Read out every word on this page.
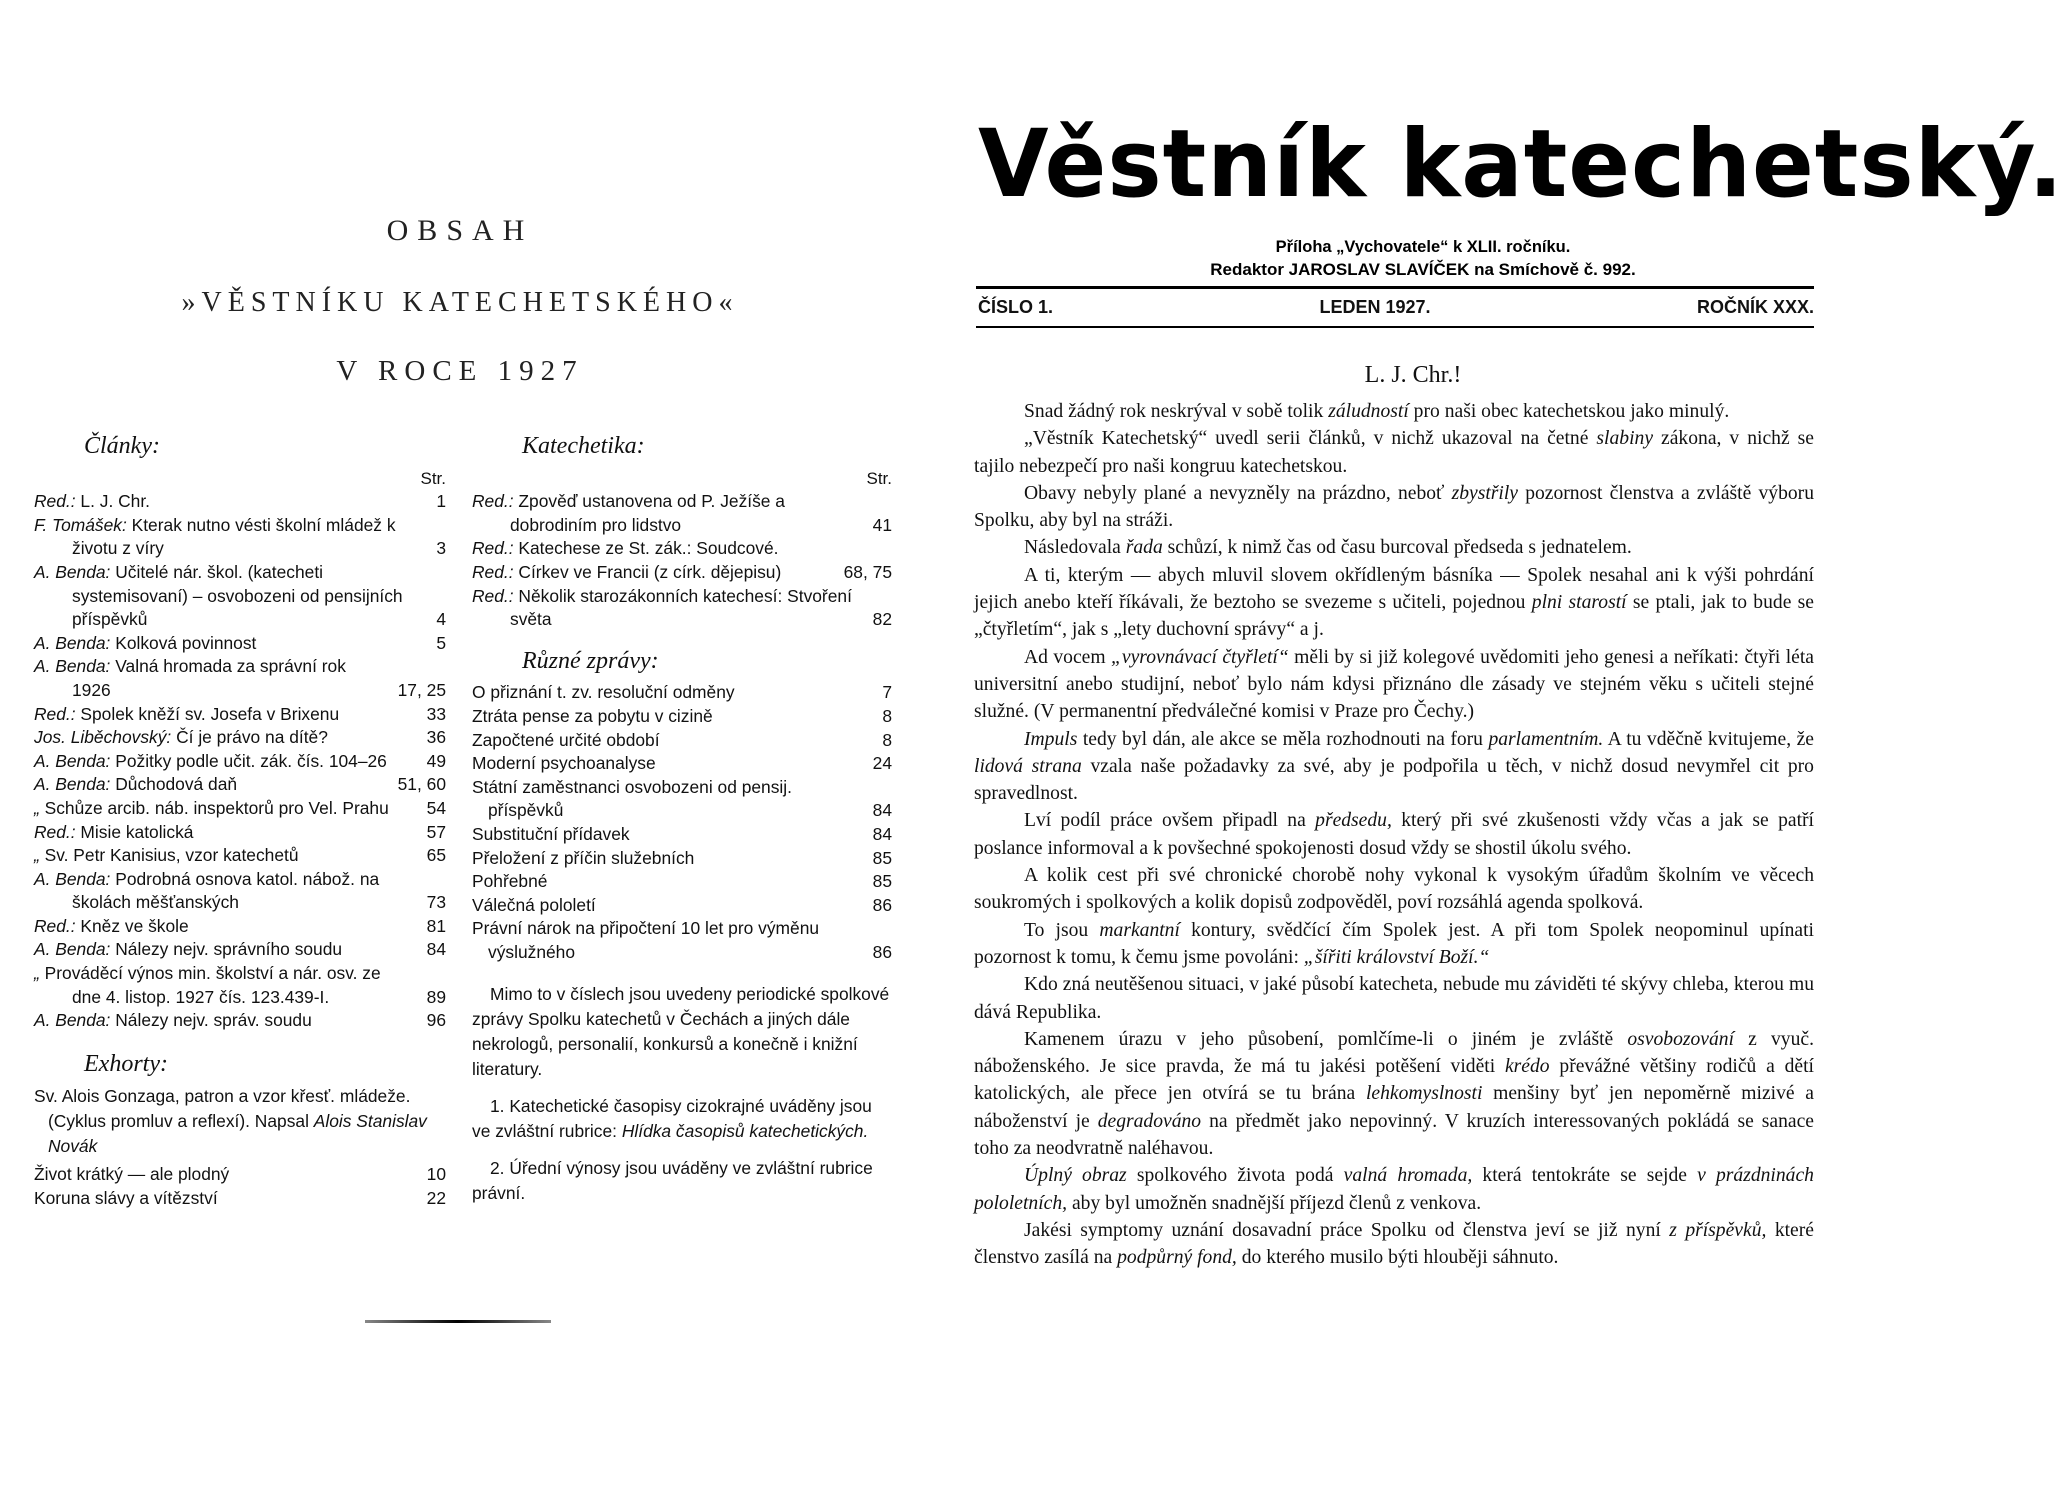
OBSAH
»VĚSTNÍKU KATECHETSKÉHO«
V ROCE 1927
Články:
Str.
Red.: L. J. Chr.	1
F. Tomášek: Kterak nutno vésti školní mládež k životu z víry	3
A. Benda: Učitelé nár. škol. (katecheti systemisovaní) – osvobozeni od pensijních příspěvků	4
A. Benda: Kolková povinnost	5
A. Benda: Valná hromada za správní rok 1926	17, 25
Red.: Spolek kněží sv. Josefa v Brixenu	33
Jos. Liběchovský: Čí je právo na dítě?	36
A. Benda: Požitky podle učit. zák. čís. 104–26	49
A. Benda: Důchodová daň	51, 60
„ Schůze arcib. náb. inspektorů pro Vel. Prahu	54
Red.: Misie katolická	57
„ Sv. Petr Kanisius, vzor katechetů	65
A. Benda: Podrobná osnova katol. nábož. na školách měšťanských	73
Red.: Kněz ve škole	81
A. Benda: Nálezy nejv. správního soudu	84
„ Prováděcí výnos min. školství a nár. osv. ze dne 4. listop. 1927 čís. 123.439-I.	89
A. Benda: Nálezy nejv. správ. soudu	96
Exhorty:

Sv. Alois Gonzaga, patron a vzor křesť. mládeže. (Cyklus promluv a reflexí). Napsal Alois Stanislav Novák

Život krátký — ale plodný	10
Koruna slávy a vítězství	22
Katechetika:
Str.
Red.: Zpověď ustanovena od P. Ježíše a dobrodiním pro lidstvo	41
Red.: Katechese ze St. zák.: Soudcové.
Red.: Církev ve Francii (z círk. dějepisu)	68, 75
Red.: Několik starozákonních katechesí: Stvoření světa	82
Různé zprávy:
O přiznání t. zv. resoluční odměny	7
Ztráta pense za pobytu v cizině	8
Započtené určité období	8
Moderní psychoanalyse	24
Státní zaměstnanci osvobozeni od pensij. příspěvků	84
Substituční přídavek	84
Přeložení z příčin služebních	85
Pohřebné	85
Válečná pololetí	86
Právní nárok na připočtení 10 let pro výměnu výslužného	86

Mimo to v číslech jsou uvedeny periodické spolkové zprávy Spolku katechetů v Čechách a jiných dále nekrologů, personalií, konkursů a konečně i knižní literatury.

1. Katechetické časopisy cizokrajné uváděny jsou ve zvláštní rubrice: Hlídka časopisů katechetických.

2. Úřední výnosy jsou uváděny ve zvláštní rubrice právní.

Věstník katechetský.
Příloha „Vychovatele“ k XLII. ročníku.
Redaktor JAROSLAV SLAVÍČEK na Smíchově č. 992.
ČÍSLO 1.	LEDEN 1927.	ROČNÍK XXX.
L. J. Chr.!

Snad žádný rok neskrýval v sobě tolik záludností pro naši obec katechetskou jako minulý.

„Věstník Katechetský“ uvedl serii článků, v nichž ukazoval na četné slabiny zákona, v nichž se tajilo nebezpečí pro naši kongruu katechetskou.

Obavy nebyly plané a nevyzněly na prázdno, neboť zbystřily pozornost členstva a zvláště výboru Spolku, aby byl na stráži.

Následovala řada schůzí, k nimž čas od času burcoval předseda s jednatelem.

A ti, kterým — abych mluvil slovem okřídleným básníka — Spolek nesahal ani k výši pohrdání jejich anebo kteří říkávali, že beztoho se svezeme s učiteli, pojednou plni starostí se ptali, jak to bude se „čtyřletím“, jak s „lety duchovní správy“ a j.

Ad vocem „vyrovnávací čtyřletí“ měli by si již kolegové uvědomiti jeho genesi a neříkati: čtyři léta universitní anebo studijní, neboť bylo nám kdysi přiznáno dle zásady ve stejném věku s učiteli stejné služné. (V permanentní předválečné komisi v Praze pro Čechy.)

Impuls tedy byl dán, ale akce se měla rozhodnouti na foru parlamentním. A tu vděčně kvitujeme, že lidová strana vzala naše požadavky za své, aby je podpořila u těch, v nichž dosud nevymřel cit pro spravedlnost.

Lví podíl práce ovšem připadl na předsedu, který při své zkušenosti vždy včas a jak se patří poslance informoval a k povšechné spokojenosti dosud vždy se shostil úkolu svého.

A kolik cest při své chronické chorobě nohy vykonal k vysokým úřadům školním ve věcech soukromých i spolkových a kolik dopisů zodpověděl, poví rozsáhlá agenda spolková.

To jsou markantní kontury, svědčící čím Spolek jest. A při tom Spolek neopominul upínati pozornost k tomu, k čemu jsme povoláni: „šířiti království Boží.“

Kdo zná neutěšenou situaci, v jaké působí katecheta, nebude mu záviděti té skývy chleba, kterou mu dává Republika.

Kamenem úrazu v jeho působení, pomlčíme-li o jiném je zvláště osvobozování z vyuč. náboženského. Je sice pravda, že má tu jakési potěšení viděti krédo převážné většiny rodičů a dětí katolických, ale přece jen otvírá se tu brána lehkomyslnosti menšiny byť jen nepoměrně mizivé a náboženství je degradováno na předmět jako nepovinný. V kruzích interessovaných pokládá se sanace toho za neodvratně naléhavou.

Úplný obraz spolkového života podá valná hromada, která tentokráte se sejde v prázdninách pololetních, aby byl umožněn snadnější příjezd členů z venkova.

Jakési symptomy uznání dosavadní práce Spolku od členstva jeví se již nyní z příspěvků, které členstvo zasílá na podpůrný fond, do kterého musilo býti hlouběji sáhnuto.
